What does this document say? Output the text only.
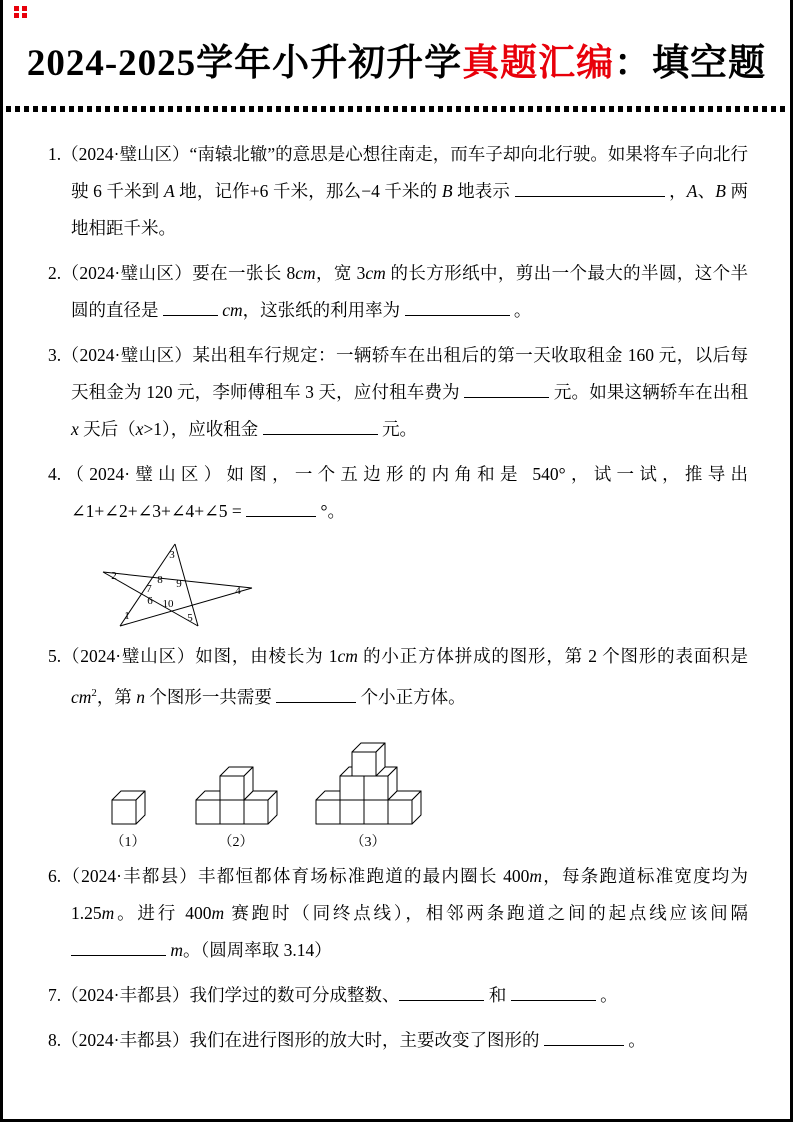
2024-2025学年小升初升学真题汇编：填空题

1.（2024·璧山区）“南辕北辙”的意思是心想往南走，而车子却向北行驶。如果将车子向北行驶 6 千米到 A 地，记作+6 千米，那么−4 千米的 B 地表示	，A、B 两地相距千米。

2.（2024·璧山区）要在一张长 8cm，宽 3cm 的长方形纸中，剪出一个最大的半圆，这个半圆的直径是	cm，这张纸的利用率为	。

3.（2024·璧山区）某出租车行规定：一辆轿车在出租后的第一天收取租金 160 元，以后每天租金为 120 元，李师傅租车 3 天，应付租车费为	元。如果这辆轿车在出租 x 天后（x>1），应收租金	元。

4.（2024·璧山区）如图，一个五边形的内角和是 540°，试一试，推导出∠1+∠2+∠3+∠4+∠5 =	°。

1
2
3
4
5
6
7
8 9
10

5.（2024·璧山区）如图，由棱长为 1cm 的小正方体拼成的图形，第 2 个图形的表面积是 $cm^2$，第 n 个图形一共需要	个小正方体。

（1）	（2）	（3）

6.（2024·丰都县）丰都恒都体育场标准跑道的最内圈长 400m，每条跑道标准宽度均为 1.25m。进行 400m 赛跑时（同终点线），相邻两条跑道之间的起点线应该间隔  m。（圆周率取 3.14）

7.（2024·丰都县）我们学过的数可分成整数、	和	。

8.（2024·丰都县）我们在进行图形的放大时，主要改变了图形的	。
